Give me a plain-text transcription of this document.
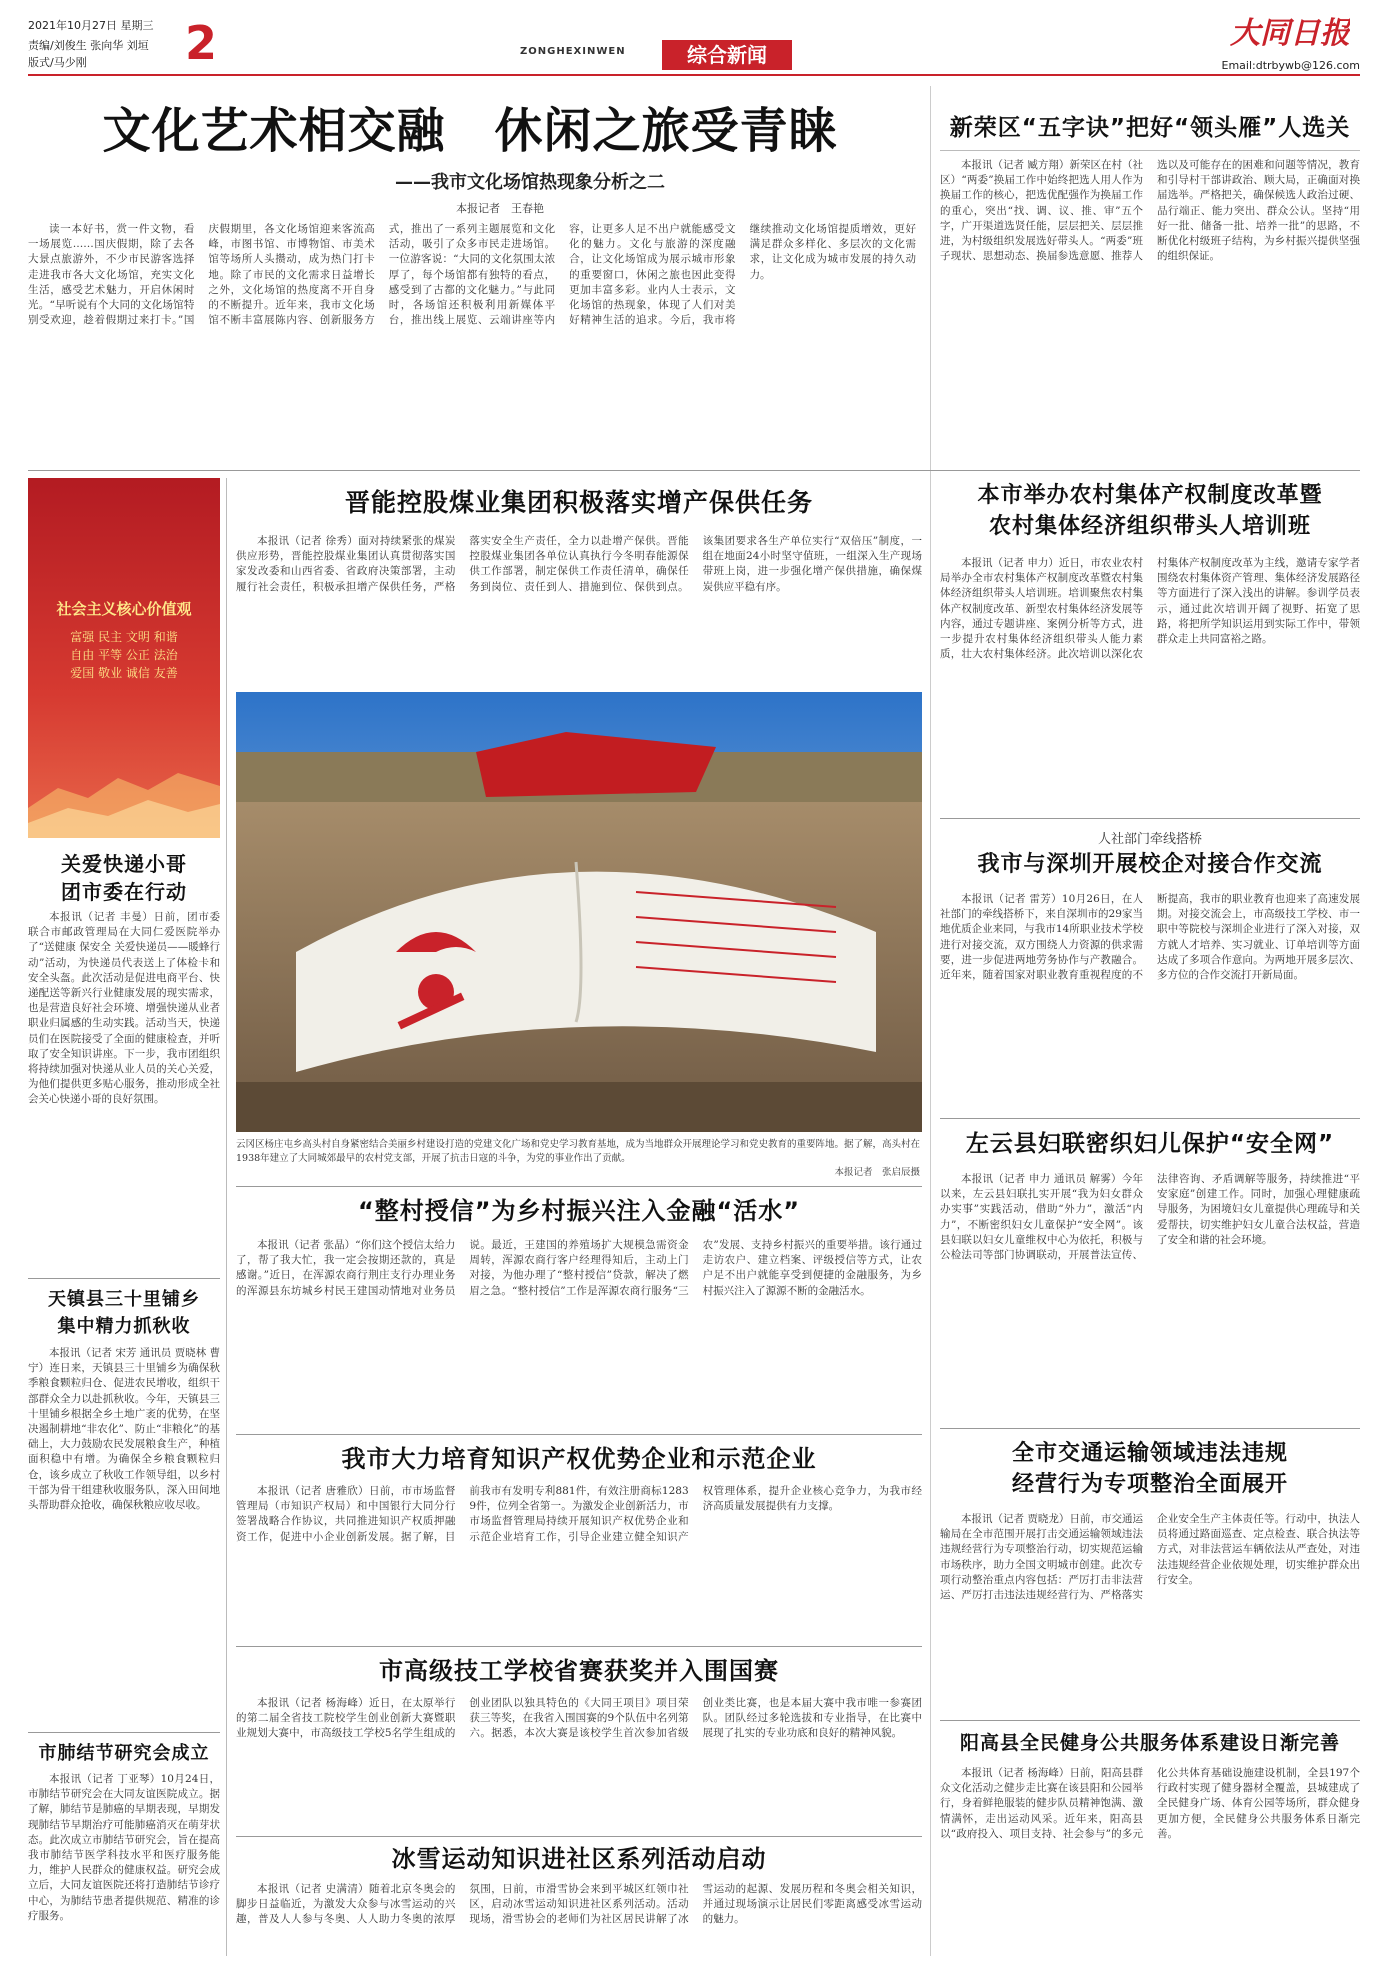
2021年10月27日 星期三
责编/刘俊生 张向华 刘垣
版式/马少刚	2	ZONGHEXINWEN	综合新闻
大同日报
Email:dtrbywb@126.com
文化艺术相交融　休闲之旅受青睐
——我市文化场馆热现象分析之二
本报记者　王春艳

读一本好书，赏一件文物，看一场展览……国庆假期，除了去各大景点旅游外，不少市民游客选择走进我市各大文化场馆，充实文化生活，感受艺术魅力，开启休闲时光。“早听说有个大同的文化场馆特别受欢迎，趁着假期过来打卡。”国庆假期里，各文化场馆迎来客流高峰，市图书馆、市博物馆、市美术馆等场所人头攒动，成为热门打卡地。除了市民的文化需求日益增长之外，文化场馆的热度离不开自身的不断提升。近年来，我市文化场馆不断丰富展陈内容、创新服务方式，推出了一系列主题展览和文化活动，吸引了众多市民走进场馆。一位游客说：“大同的文化氛围太浓厚了，每个场馆都有独特的看点，感受到了古都的文化魅力。”与此同时，各场馆还积极利用新媒体平台，推出线上展览、云端讲座等内容，让更多人足不出户就能感受文化的魅力。文化与旅游的深度融合，让文化场馆成为展示城市形象的重要窗口，休闲之旅也因此变得更加丰富多彩。业内人士表示，文化场馆的热现象，体现了人们对美好精神生活的追求。今后，我市将继续推动文化场馆提质增效，更好满足群众多样化、多层次的文化需求，让文化成为城市发展的持久动力。

新荣区“五字诀”把好“领头雁”人选关

本报讯（记者 臧方翔）新荣区在村（社区）“两委”换届工作中始终把选人用人作为换届工作的核心，把选优配强作为换届工作的重心，突出“找、调、议、推、审”五个字，广开渠道选贤任能，层层把关、层层推进，为村级组织发展选好带头人。“两委”班子现状、思想动态、换届参选意愿、推荐人选以及可能存在的困难和问题等情况，教育和引导村干部讲政治、顾大局，正确面对换届选举。严格把关，确保候选人政治过硬、品行端正、能力突出、群众公认。坚持“用好一批、储备一批、培养一批”的思路，不断优化村级班子结构，为乡村振兴提供坚强的组织保证。

社会主义核心价值观
富强 民主 文明 和谐
自由 平等 公正 法治
爱国 敬业 诚信 友善
晋能控股煤业集团积极落实增产保供任务

本报讯（记者 徐秀）面对持续紧张的煤炭供应形势，晋能控股煤业集团认真贯彻落实国家发改委和山西省委、省政府决策部署，主动履行社会责任，积极承担增产保供任务，严格落实安全生产责任，全力以赴增产保供。晋能控股煤业集团各单位认真执行今冬明春能源保供工作部署，制定保供工作责任清单，确保任务到岗位、责任到人、措施到位、保供到点。该集团要求各生产单位实行“双倍压”制度，一组在地面24小时坚守值班，一组深入生产现场带班上岗，进一步强化增产保供措施，确保煤炭供应平稳有序。

云冈区杨庄屯乡高头村自身紧密结合美丽乡村建设打造的党建文化广场和党史学习教育基地，成为当地群众开展理论学习和党史教育的重要阵地。据了解，高头村在1938年建立了大同城郊最早的农村党支部，开展了抗击日寇的斗争，为党的事业作出了贡献。
本报记者　张启辰摄
关爱快递小哥
团市委在行动

本报讯（记者 丰曼）日前，团市委联合市邮政管理局在大同仁爱医院举办了“送健康 保安全 关爱快递员——暖蜂行动”活动，为快递员代表送上了体检卡和安全头盔。此次活动是促进电商平台、快递配送等新兴行业健康发展的现实需求，也是营造良好社会环境、增强快递从业者职业归属感的生动实践。活动当天，快递员们在医院接受了全面的健康检查，并听取了安全知识讲座。下一步，我市团组织将持续加强对快递从业人员的关心关爱，为他们提供更多贴心服务，推动形成全社会关心快递小哥的良好氛围。

本市举办农村集体产权制度改革暨
农村集体经济组织带头人培训班

本报讯（记者 申力）近日，市农业农村局举办全市农村集体产权制度改革暨农村集体经济组织带头人培训班。培训聚焦农村集体产权制度改革、新型农村集体经济发展等内容，通过专题讲座、案例分析等方式，进一步提升农村集体经济组织带头人能力素质，壮大农村集体经济。此次培训以深化农村集体产权制度改革为主线，邀请专家学者围绕农村集体资产管理、集体经济发展路径等方面进行了深入浅出的讲解。参训学员表示，通过此次培训开阔了视野、拓宽了思路，将把所学知识运用到实际工作中，带领群众走上共同富裕之路。

人社部门牵线搭桥
我市与深圳开展校企对接合作交流

本报讯（记者 雷芳）10月26日，在人社部门的牵线搭桥下，来自深圳市的29家当地优质企业来同，与我市14所职业技术学校进行对接交流，双方围绕人力资源的供求需要，进一步促进两地劳务协作与产教融合。近年来，随着国家对职业教育重视程度的不断提高，我市的职业教育也迎来了高速发展期。对接交流会上，市高级技工学校、市一职中等院校与深圳企业进行了深入对接，双方就人才培养、实习就业、订单培训等方面达成了多项合作意向。为两地开展多层次、多方位的合作交流打开新局面。

“整村授信”为乡村振兴注入金融“活水”

本报讯（记者 张晶）“你们这个授信太给力了，帮了我大忙，我一定会按期还款的，真是感谢。”近日，在浑源农商行荆庄支行办理业务的浑源县东坊城乡村民王建国动情地对业务员说。最近，王建国的养殖场扩大规模急需资金周转，浑源农商行客户经理得知后，主动上门对接，为他办理了“整村授信”贷款，解决了燃眉之急。“整村授信”工作是浑源农商行服务“三农”发展、支持乡村振兴的重要举措。该行通过走访农户、建立档案、评级授信等方式，让农户足不出户就能享受到便捷的金融服务，为乡村振兴注入了源源不断的金融活水。

左云县妇联密织妇儿保护“安全网”

本报讯（记者 申力 通讯员 解雾）今年以来，左云县妇联扎实开展“我为妇女群众办实事”实践活动，借助“外力”，激活“内力”，不断密织妇女儿童保护“安全网”。该县妇联以妇女儿童维权中心为依托，积极与公检法司等部门协调联动，开展普法宣传、法律咨询、矛盾调解等服务，持续推进“平安家庭”创建工作。同时，加强心理健康疏导服务，为困境妇女儿童提供心理疏导和关爱帮扶，切实维护妇女儿童合法权益，营造了安全和谐的社会环境。

天镇县三十里铺乡
集中精力抓秋收

本报讯（记者 宋芳 通讯员 贾晓林 曹宁）连日来，天镇县三十里铺乡为确保秋季粮食颗粒归仓、促进农民增收，组织干部群众全力以赴抓秋收。今年，天镇县三十里铺乡根据全乡土地广袤的优势，在坚决遏制耕地“非农化”、防止“非粮化”的基础上，大力鼓励农民发展粮食生产，种植面积稳中有增。为确保全乡粮食颗粒归仓，该乡成立了秋收工作领导组，以乡村干部为骨干组建秋收服务队，深入田间地头帮助群众抢收，确保秋粮应收尽收。

我市大力培育知识产权优势企业和示范企业

本报讯（记者 唐雅欣）日前，市市场监督管理局（市知识产权局）和中国银行大同分行签署战略合作协议，共同推进知识产权质押融资工作，促进中小企业创新发展。据了解，目前我市有发明专利881件，有效注册商标12839件，位列全省第一。为激发企业创新活力，市市场监督管理局持续开展知识产权优势企业和示范企业培育工作，引导企业建立健全知识产权管理体系，提升企业核心竞争力，为我市经济高质量发展提供有力支撑。

全市交通运输领域违法违规
经营行为专项整治全面展开

本报讯（记者 贾晓龙）日前，市交通运输局在全市范围开展打击交通运输领域违法违规经营行为专项整治行动，切实规范运输市场秩序，助力全国文明城市创建。此次专项行动整治重点内容包括：严厉打击非法营运、严厉打击违法违规经营行为、严格落实企业安全生产主体责任等。行动中，执法人员将通过路面巡查、定点检查、联合执法等方式，对非法营运车辆依法从严查处，对违法违规经营企业依规处理，切实维护群众出行安全。

市高级技工学校省赛获奖并入围国赛

本报讯（记者 杨海峰）近日，在太原举行的第二届全省技工院校学生创业创新大赛暨职业规划大赛中，市高级技工学校5名学生组成的创业团队以独具特色的《大同王项目》项目荣获三等奖，在我省入围国赛的9个队伍中名列第六。据悉，本次大赛是该校学生首次参加省级创业类比赛，也是本届大赛中我市唯一参赛团队。团队经过多轮选拔和专业指导，在比赛中展现了扎实的专业功底和良好的精神风貌。

市肺结节研究会成立

本报讯（记者 丁亚琴）10月24日，市肺结节研究会在大同友谊医院成立。据了解，肺结节是肺癌的早期表现，早期发现肺结节早期治疗可能肺癌消灭在萌芽状态。此次成立市肺结节研究会，旨在提高我市肺结节医学科技水平和医疗服务能力，维护人民群众的健康权益。研究会成立后，大同友谊医院还将打造肺结节诊疗中心，为肺结节患者提供规范、精准的诊疗服务。

冰雪运动知识进社区系列活动启动

本报讯（记者 史满清）随着北京冬奥会的脚步日益临近，为激发大众参与冰雪运动的兴趣，普及人人参与冬奥、人人助力冬奥的浓厚氛围，日前，市滑雪协会来到平城区红领巾社区，启动冰雪运动知识进社区系列活动。活动现场，滑雪协会的老师们为社区居民讲解了冰雪运动的起源、发展历程和冬奥会相关知识，并通过现场演示让居民们零距离感受冰雪运动的魅力。

阳高县全民健身公共服务体系建设日渐完善

本报讯（记者 杨海峰）日前，阳高县群众文化活动之健步走比赛在该县阳和公园举行，身着鲜艳服装的健步队员精神饱满、激情满怀，走出运动风采。近年来，阳高县以“政府投入、项目支持、社会参与”的多元化公共体育基础设施建设机制，全县197个行政村实现了健身器材全覆盖，县城建成了全民健身广场、体育公园等场所，群众健身更加方便，全民健身公共服务体系日渐完善。
